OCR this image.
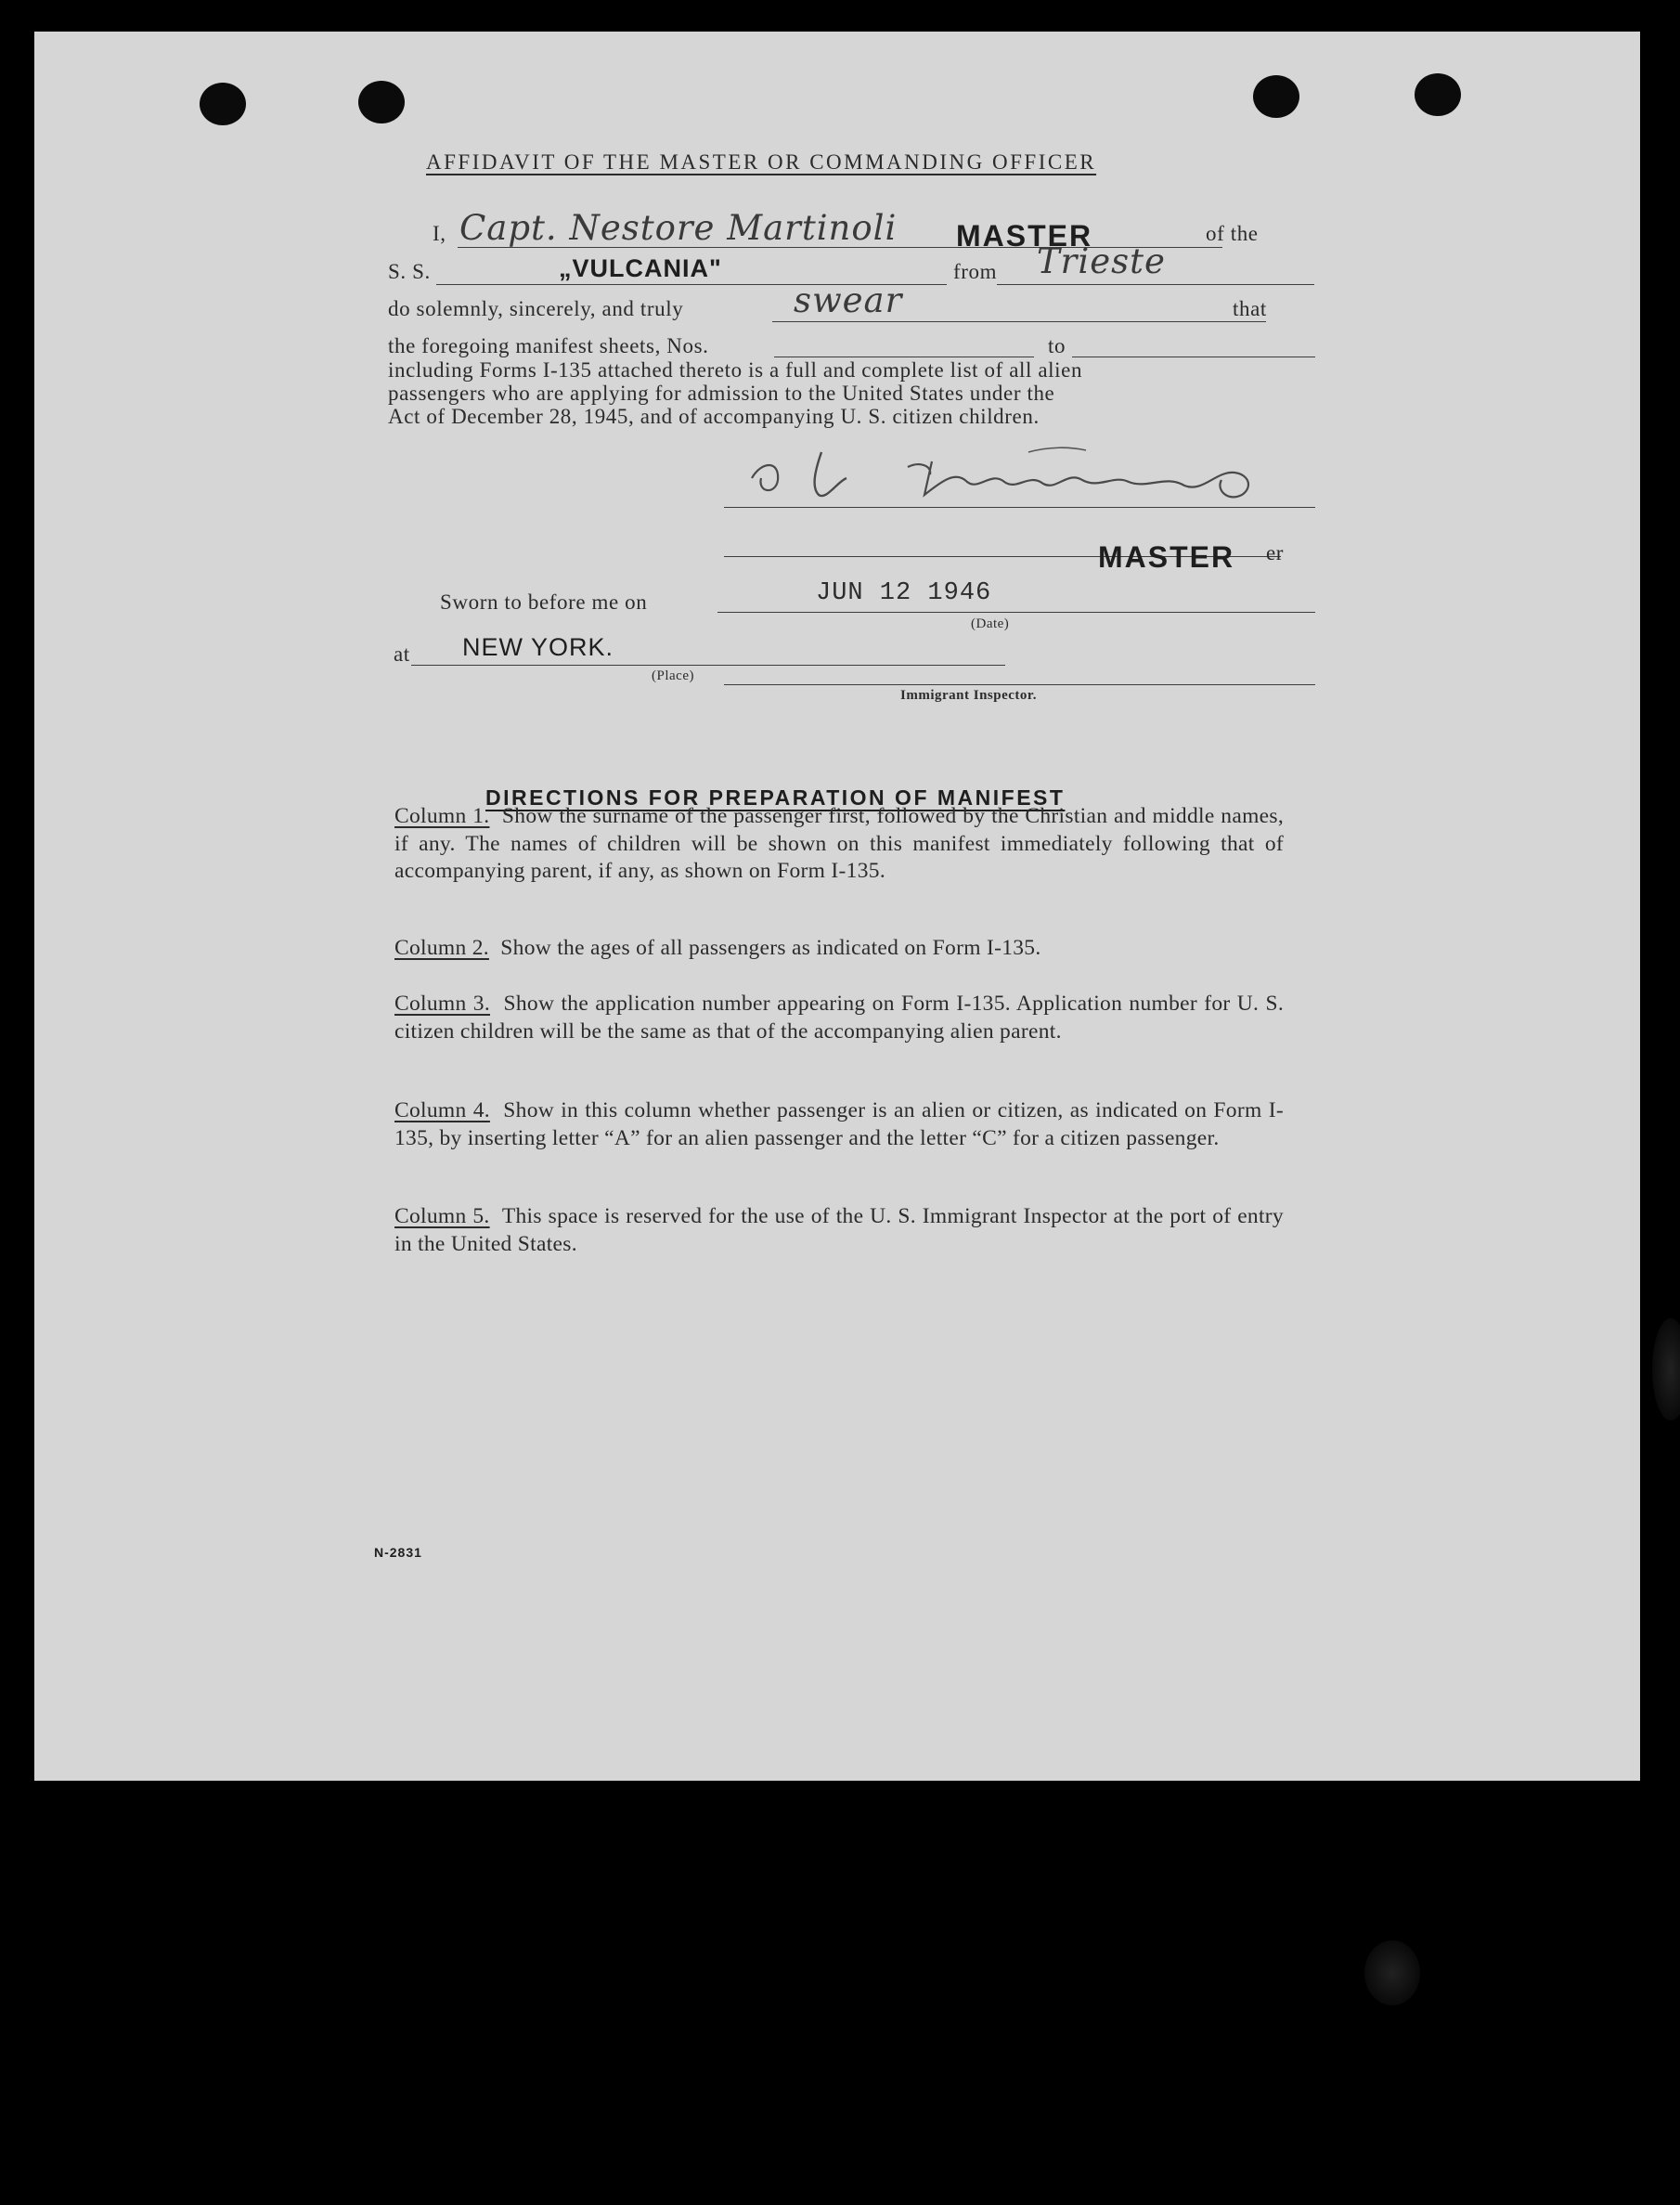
AFFIDAVIT OF THE MASTER OR COMMANDING OFFICER
I, Capt. Nestore Martinoli MASTER	of the
S. S.	„VULCANIA"	from Trieste
do solemnly, sincerely, and truly	swear	that
the foregoing manifest sheets, Nos.	to
including Forms I-135 attached thereto is a full and complete list of all alien
passengers who are applying for admission to the United States under the
Act of December 28, 1945, and of accompanying U. S. citizen children.
MASTER er
Sworn to before me on	JUN 12 1946
(Date)
at NEW YORK.
(Place)
Immigrant Inspector.
DIRECTIONS FOR PREPARATION OF MANIFEST
Column 1. Show the surname of the passenger first, followed by the Christian and middle names, if any. The names of children will be shown on this manifest immediately following that of accompanying parent, if any, as shown on Form I-135.
Column 2. Show the ages of all passengers as indicated on Form I-135.
Column 3. Show the application number appearing on Form I-135. Application number for U. S. citizen children will be the same as that of the accompanying alien parent.
Column 4. Show in this column whether passenger is an alien or citizen, as indicated on Form I-135, by inserting letter “A” for an alien passenger and the letter “C” for a citizen passenger.
Column 5. This space is reserved for the use of the U. S. Immigrant Inspector at the port of entry in the United States.
N-2831
